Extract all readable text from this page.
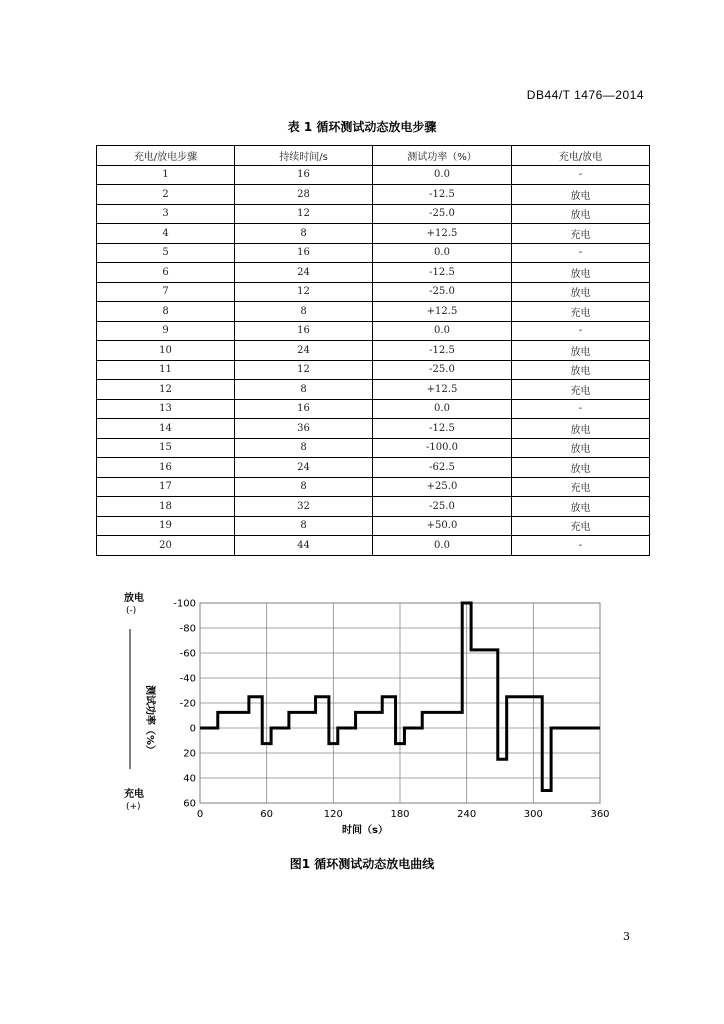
DB44/T 1476—2014
表 1 循环测试动态放电步骤
充电/放电步骤	持续时间/s	测试功率（%）	充电/放电
1	16	0.0	-
2	28	-12.5	放电
3	12	-25.0	放电
4	8	+12.5	充电
5	16	0.0	-
6	24	-12.5	放电
7	12	-25.0	放电
8	8	+12.5	充电
9	16	0.0	-
10	24	-12.5	放电
11	12	-25.0	放电
12	8	+12.5	充电
13	16	0.0	-
14	36	-12.5	放电
15	8	-100.0	放电
16	24	-62.5	放电
17	8	+25.0	充电
18	32	-25.0	放电
19	8	+50.0	充电
20	44	0.0	-
-100
-80
-60
-40
-20
0
20
40
60
0	60	120	180	240	300	360
放电
(-)
充电
(+)
测试功率（%）
时间（s）
图1 循环测试动态放电曲线
3
